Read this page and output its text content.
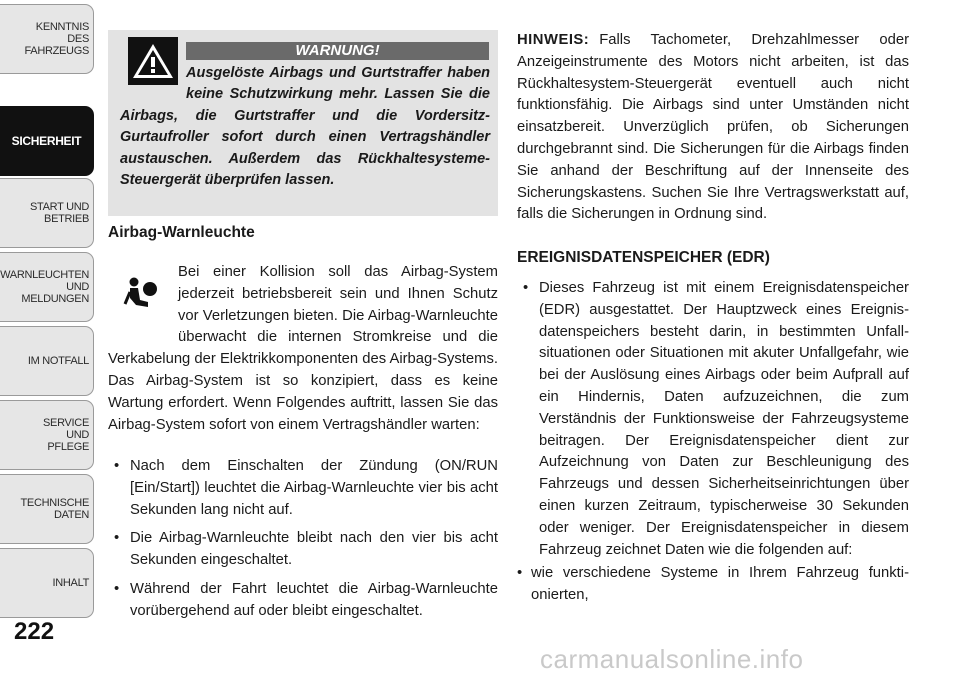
KENNTNIS
DES
FAHRZEUGS
SICHERHEIT
START UND
BETRIEB
WARNLEUCHTEN
UND
MELDUNGEN
IM NOTFALL
SERVICE
UND
PFLEGE
TECHNISCHE
DATEN
INHALT
222
WARNUNG!

Ausgelöste Airbags und Gurtstraffer haben keine Schutzwirkung mehr. Lassen Sie die Airbags, die Gurtstraffer und die Vordersitz-Gurtaufroller sofort durch einen Vertragshändler austauschen. Außerdem das Rückhaltesysteme-Steuergerät überprüfen lassen.

Airbag-Warnleuchte

Bei einer Kollision soll das Airbag-System jederzeit betriebsbereit sein und Ihnen Schutz vor Verletzungen bieten. Die Airbag-Warnleuchte überwacht die internen Stromkreise und die Verkabelung der Elektrikkomponenten des Airbag-Systems. Das Airbag-System ist so konzipiert, dass es keine Wartung erfordert. Wenn Folgendes auftritt, lassen Sie das Airbag-System sofort von einem Vertragshändler warten:

• Nach dem Einschalten der Zündung (ON/RUN [Ein/Start]) leuchtet die Airbag-Warnleuchte vier bis acht Sekunden lang nicht auf.
• Die Airbag-Warnleuchte bleibt nach den vier bis acht Sekunden eingeschaltet.
• Während der Fahrt leuchtet die Airbag-Warnleuchte vorübergehend auf oder bleibt eingeschaltet.

HINWEIS: Falls Tachometer, Drehzahlmesser oder Anzeigeinstrumente des Motors nicht arbeiten, ist das Rückhaltesystem-Steuergerät eventuell auch nicht funktionsfähig. Die Airbags sind unter Umständen nicht einsatzbereit. Unverzüglich prüfen, ob Sicherungen durchgebrannt sind. Die Sicherungen für die Airbags finden Sie anhand der Beschriftung auf der Innenseite des Sicherungskastens. Suchen Sie Ihre Vertragswerkstatt auf, falls die Sicherungen in Ordnung sind.

EREIGNISDATENSPEICHER (EDR)
• Dieses Fahrzeug ist mit einem Ereignisdatenspeicher (EDR) ausgestattet. Der Hauptzweck eines Ereignisdatenspeichers besteht darin, in bestimmten Unfallsituationen oder Situationen mit akuter Unfallgefahr, wie bei der Auslösung eines Airbags oder beim Aufprall auf ein Hindernis, Daten aufzuzeichnen, die zum Verständnis der Funktionsweise der Fahrzeugsysteme beitragen. Der Ereignisdatenspeicher dient zur Aufzeichnung von Daten zur Beschleunigung des Fahrzeugs und dessen Sicherheitseinrichtungen über einen kurzen Zeitraum, typischerweise 30 Sekunden oder weniger. Der Ereignisdatenspeicher in diesem Fahrzeug zeichnet Daten wie die folgenden auf:
• wie verschiedene Systeme in Ihrem Fahrzeug funktionierten,
carmanualsonline.info
